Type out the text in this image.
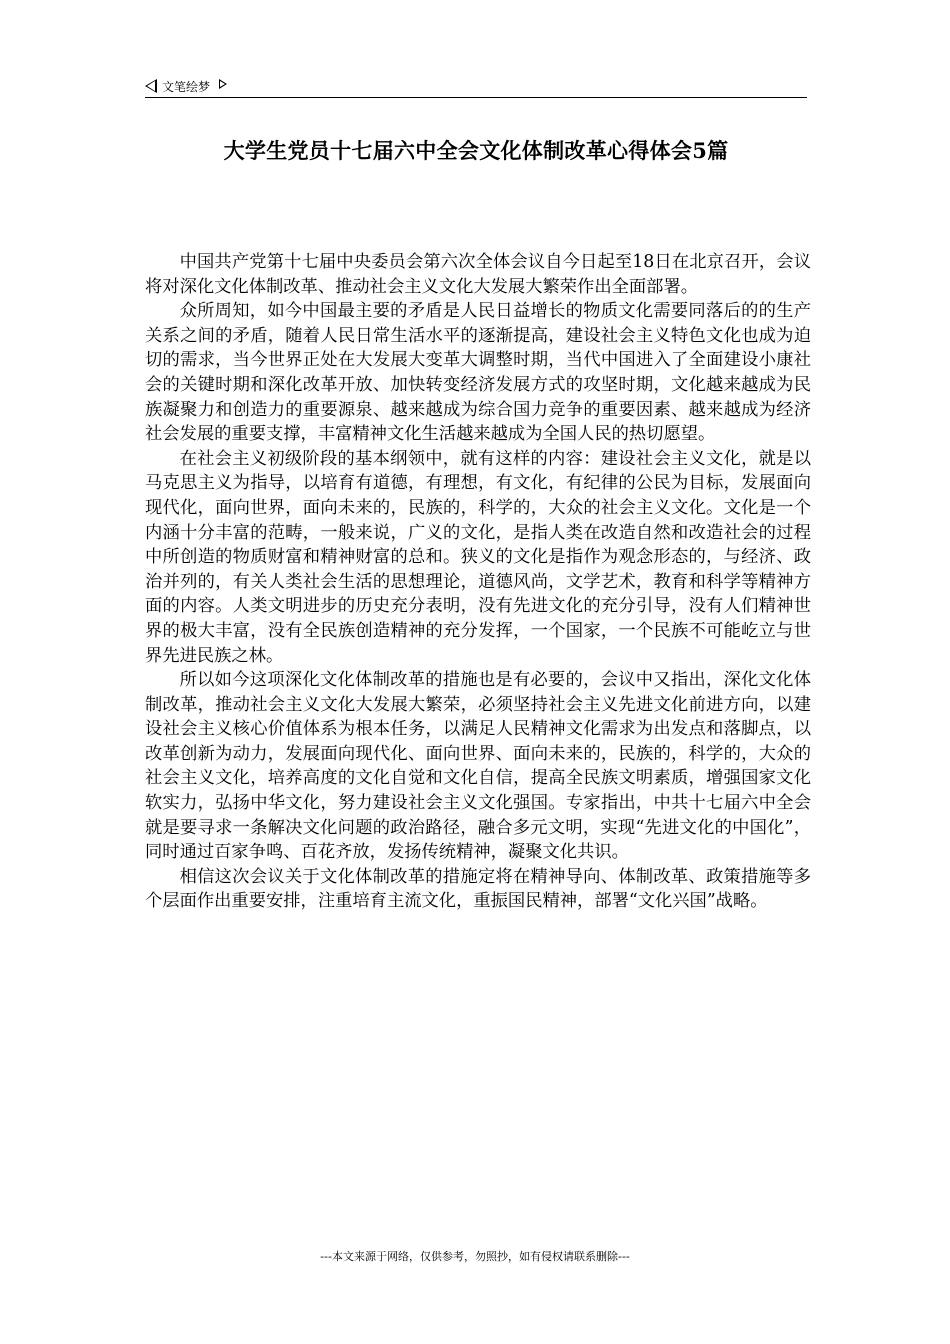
文笔绘梦
大学生党员十七届六中全会文化体制改革心得体会5篇

中国共产党第十七届中央委员会第六次全体会议自今日起至18日在北京召开，会议将对深化文化体制改革、推动社会主义文化大发展大繁荣作出全面部署。

众所周知，如今中国最主要的矛盾是人民日益增长的物质文化需要同落后的的生产关系之间的矛盾，随着人民日常生活水平的逐渐提高，建设社会主义特色文化也成为迫切的需求，当今世界正处在大发展大变革大调整时期，当代中国进入了全面建设小康社会的关键时期和深化改革开放、加快转变经济发展方式的攻坚时期，文化越来越成为民族凝聚力和创造力的重要源泉、越来越成为综合国力竞争的重要因素、越来越成为经济社会发展的重要支撑，丰富精神文化生活越来越成为全国人民的热切愿望。

在社会主义初级阶段的基本纲领中，就有这样的内容：建设社会主义文化，就是以马克思主义为指导，以培育有道德，有理想，有文化，有纪律的公民为目标，发展面向现代化，面向世界，面向未来的，民族的，科学的，大众的社会主义文化。文化是一个内涵十分丰富的范畴，一般来说，广义的文化，是指人类在改造自然和改造社会的过程中所创造的物质财富和精神财富的总和。狭义的文化是指作为观念形态的，与经济、政治并列的，有关人类社会生活的思想理论，道德风尚，文学艺术，教育和科学等精神方面的内容。人类文明进步的历史充分表明，没有先进文化的充分引导，没有人们精神世界的极大丰富，没有全民族创造精神的充分发挥，一个国家，一个民族不可能屹立与世界先进民族之林。

所以如今这项深化文化体制改革的措施也是有必要的，会议中又指出，深化文化体制改革，推动社会主义文化大发展大繁荣，必须坚持社会主义先进文化前进方向，以建设社会主义核心价值体系为根本任务，以满足人民精神文化需求为出发点和落脚点，以改革创新为动力，发展面向现代化、面向世界、面向未来的，民族的，科学的，大众的社会主义文化，培养高度的文化自觉和文化自信，提高全民族文明素质，增强国家文化软实力，弘扬中华文化，努力建设社会主义文化强国。专家指出，中共十七届六中全会就是要寻求一条解决文化问题的政治路径，融合多元文明，实现“先进文化的中国化”，同时通过百家争鸣、百花齐放，发扬传统精神，凝聚文化共识。

相信这次会议关于文化体制改革的措施定将在精神导向、体制改革、政策措施等多个层面作出重要安排，注重培育主流文化，重振国民精神，部署“文化兴国”战略。

---本文来源于网络，仅供参考，勿照抄，如有侵权请联系删除---
